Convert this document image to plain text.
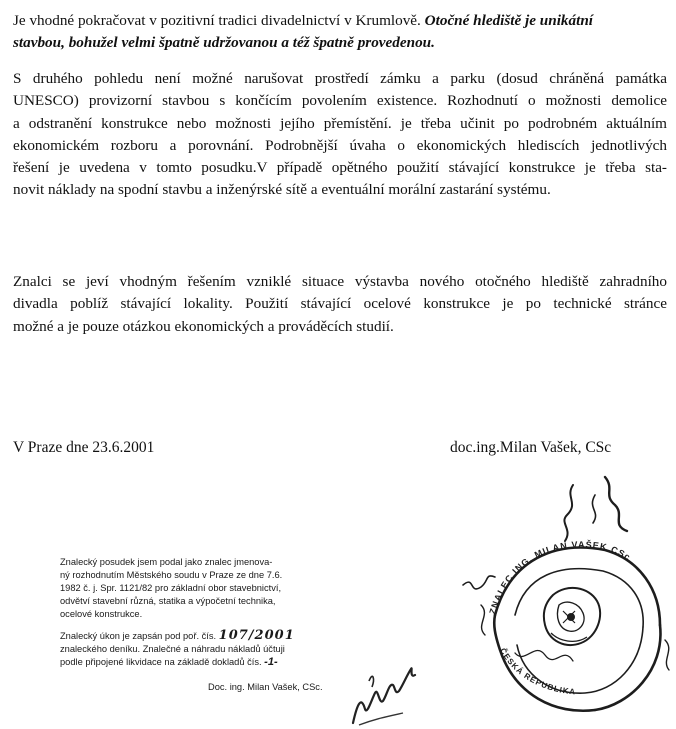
Je vhodné pokračovat v pozitivní tradici divadelnictví v Krumlově. Otočné hlediště je unikátní
stavbou, bohužel velmi špatně udržovanou a též špatně provedenou.

S druhého pohledu není možné narušovat prostředí zámku a parku (dosud chráněná památka
UNESCO) provizorní stavbou s končícím povolením existence. Rozhodnutí o možnosti demolice
a odstranění konstrukce nebo možnosti jejího přemístění. je třeba učinit po podrobném aktuálním
ekonomickém rozboru a porovnání. Podrobnější úvaha o ekonomických hlediscích jednotlivých
řešení je uvedena v tomto posudku.V případě opětného použití stávající konstrukce je třeba sta-
novit náklady na spodní stavbu a inženýrské sítě a eventuální morální zastarání systému.

Znalci se jeví vhodným řešením vzniklé situace výstavba nového otočného hlediště zahradního
divadla poblíž stávající lokality. Použití stávající ocelové konstrukce je po technické stránce
možné a je pouze otázkou ekonomických a prováděcích studií.

V Praze dne 23.6.2001	doc.ing.Milan Vašek, CSc
Znalecký posudek jsem podal jako znalec jmenova-
ný rozhodnutím Městského soudu v Praze ze dne 7.6.
1982 č. j. Spr. 1121/82 pro základní obor stavebnictví,
odvětví stavební různá, statika a výpočetní technika,
ocelové konstrukce.
Znalecký úkon je zapsán pod poř. čís. 107/2001
znaleckého deníku. Znalečné a náhradu nákladů účtuji
podle připojené likvidace na základě dokladů čís. -1-
Doc. ing. Milan Vašek, CSc.
ZNALEC ING. MILAN VAŠEK CSc
ČESKÁ REPUBLIKA
